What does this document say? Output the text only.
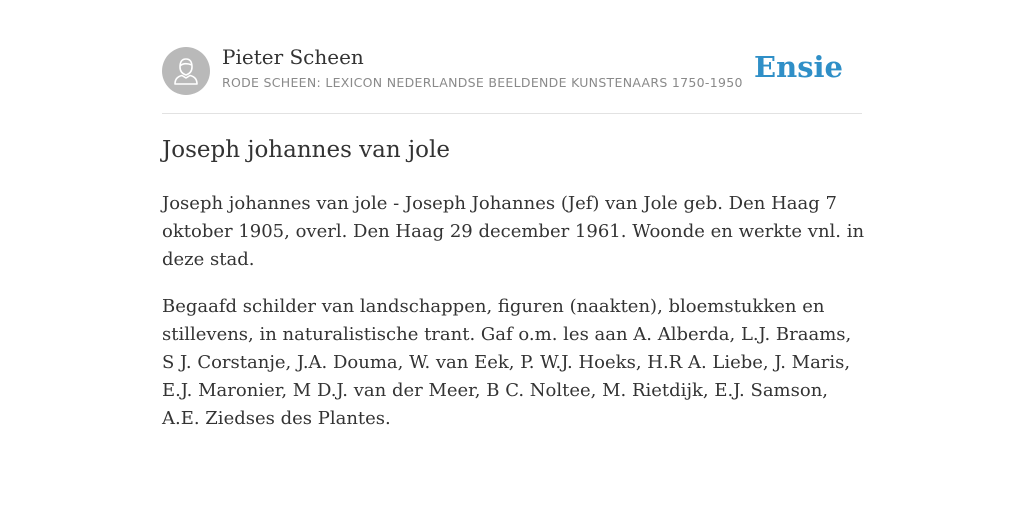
Pieter Scheen
RODE SCHEEN: LEXICON NEDERLANDSE BEELDENDE KUNSTENAARS 1750-1950 Ensie
Joseph johannes van jole

Joseph johannes van jole - Joseph Johannes (Jef) van Jole geb. Den Haag 7 oktober 1905, overl. Den Haag 29 december 1961. Woonde en werkte vnl. in deze stad.

Begaafd schilder van landschappen, figuren (naakten), bloemstukken en stillevens, in naturalistische trant. Gaf o.m. les aan A. Alberda, L.J. Braams, S J. Corstanje, J.A. Douma, W. van Eek, P. W.J. Hoeks, H.R A. Liebe, J. Maris, E.J. Maronier, M D.J. van der Meer, B C. Noltee, M. Rietdijk, E.J. Samson, A.E. Ziedses des Plantes.
